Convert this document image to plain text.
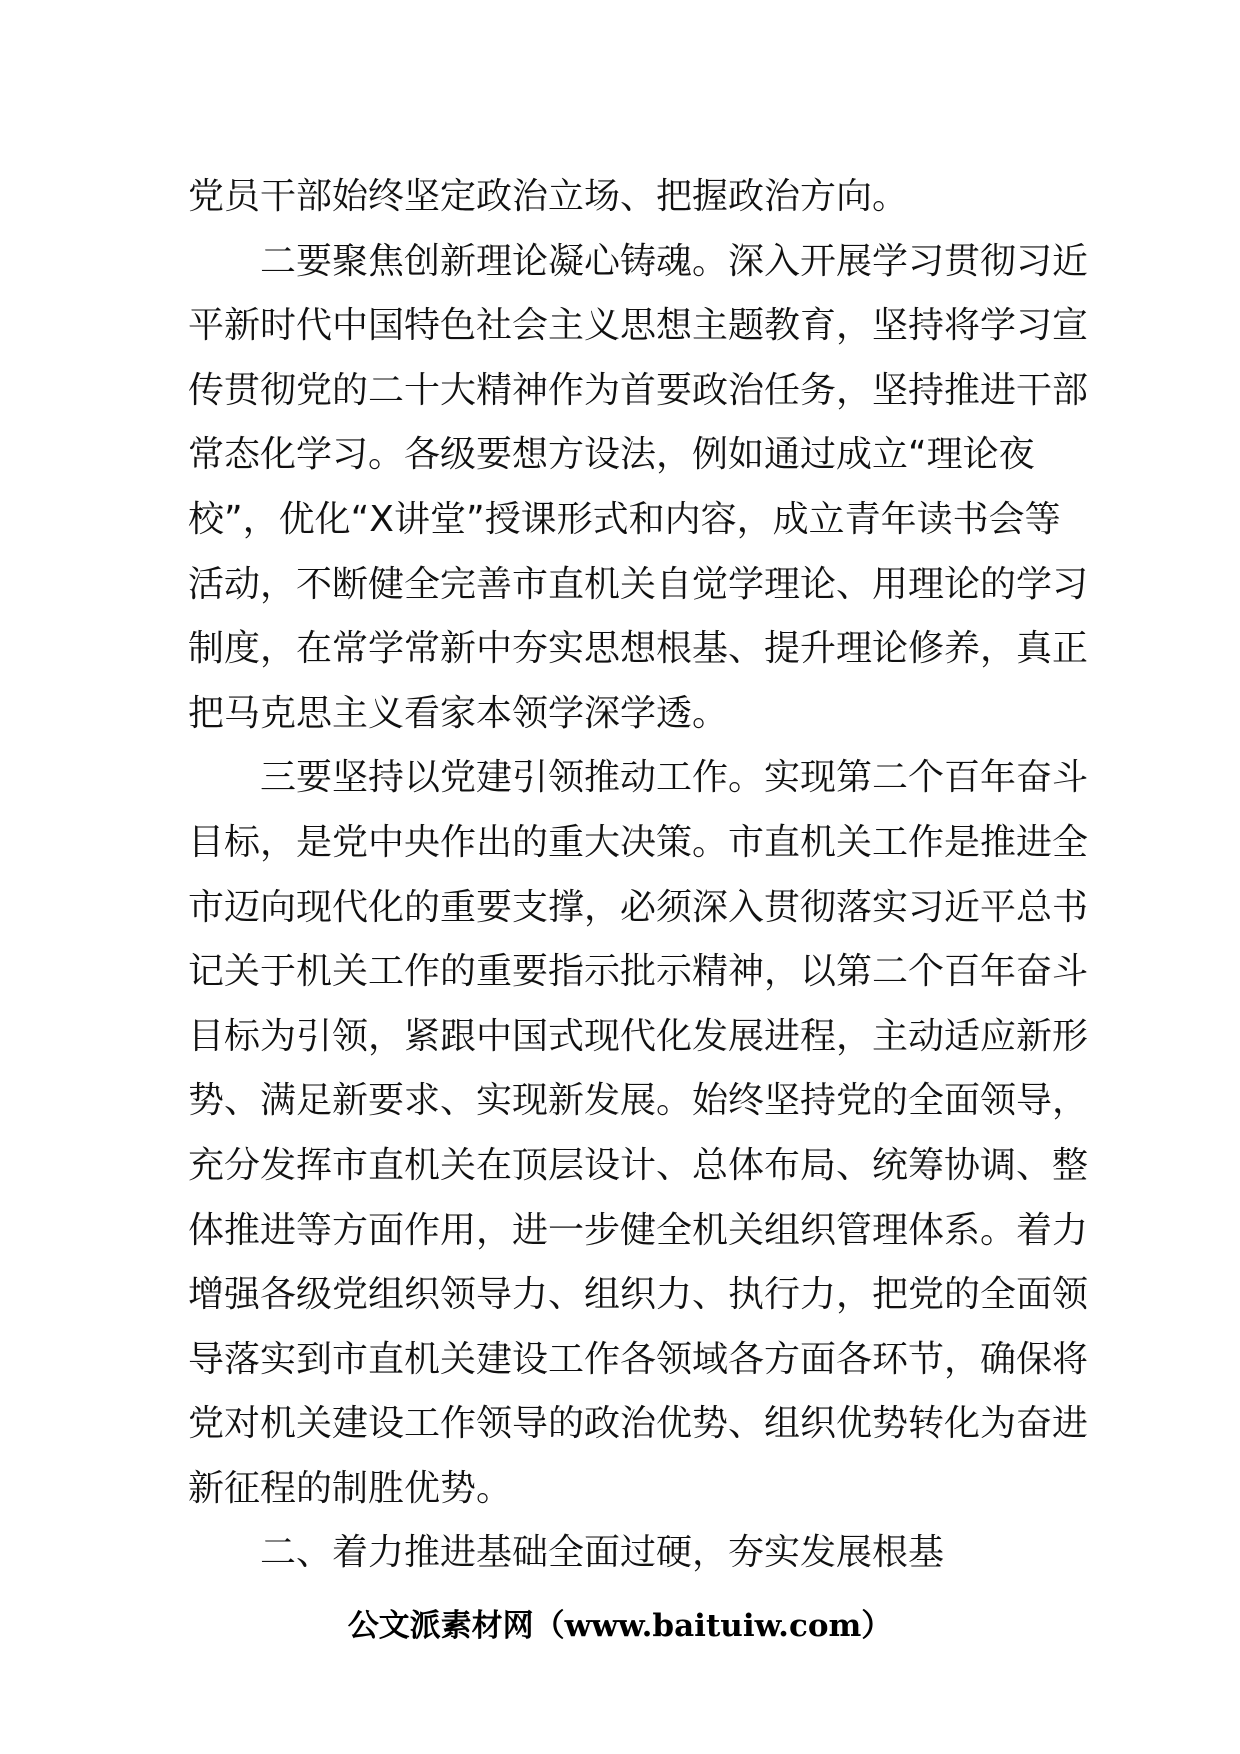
党员干部始终坚定政治立场、把握政治方向。
　　二要聚焦创新理论凝心铸魂。深入开展学习贯彻习近
平新时代中国特色社会主义思想主题教育，坚持将学习宣
传贯彻党的二十大精神作为首要政治任务，坚持推进干部
常态化学习。各级要想方设法，例如通过成立“理论夜
校”，优化“X讲堂”授课形式和内容，成立青年读书会等
活动，不断健全完善市直机关自觉学理论、用理论的学习
制度，在常学常新中夯实思想根基、提升理论修养，真正
把马克思主义看家本领学深学透。
　　三要坚持以党建引领推动工作。实现第二个百年奋斗
目标，是党中央作出的重大决策。市直机关工作是推进全
市迈向现代化的重要支撑，必须深入贯彻落实习近平总书
记关于机关工作的重要指示批示精神，以第二个百年奋斗
目标为引领，紧跟中国式现代化发展进程，主动适应新形
势、满足新要求、实现新发展。始终坚持党的全面领导，
充分发挥市直机关在顶层设计、总体布局、统筹协调、整
体推进等方面作用，进一步健全机关组织管理体系。着力
增强各级党组织领导力、组织力、执行力，把党的全面领
导落实到市直机关建设工作各领域各方面各环节，确保将
党对机关建设工作领导的政治优势、组织优势转化为奋进
新征程的制胜优势。
　　二、着力推进基础全面过硬，夯实发展根基
公文派素材网（www.baituiw.com）
